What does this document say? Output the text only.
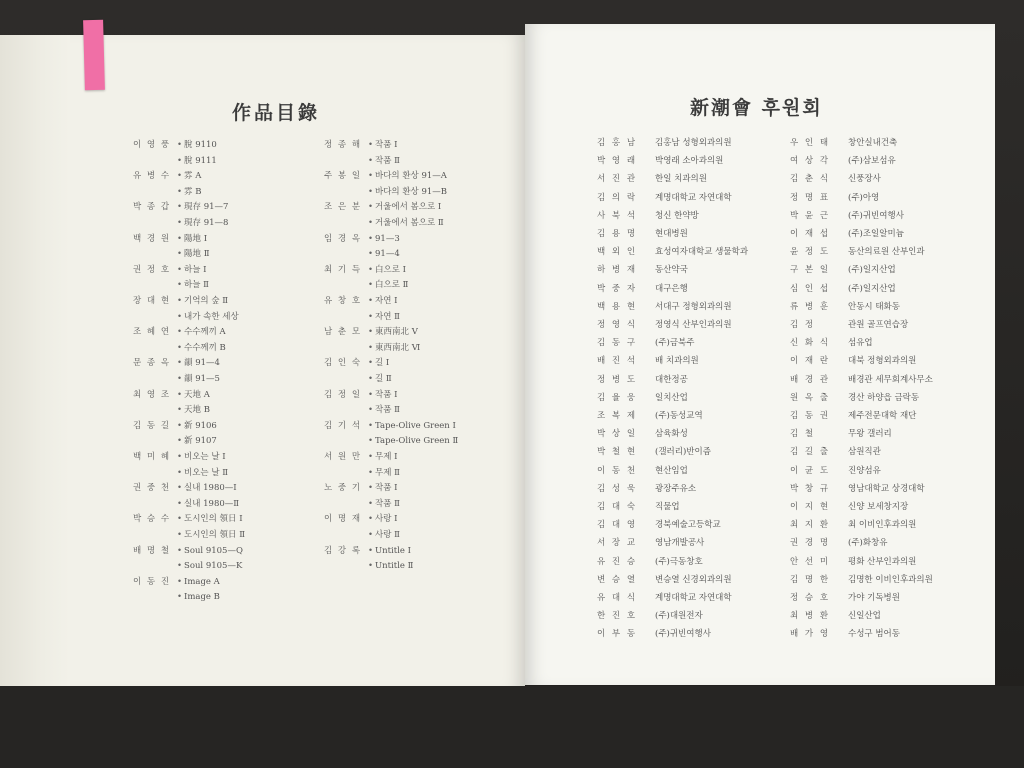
作品目錄	新潮會 후원회
이 영 풍 • 脫 9110
• 脫 9111
유 병 수 • 雰 A
• 雰 B
박 종 갑 • 現存 91—7
• 現存 91—8
백 경 원 • 陽地 Ⅰ
• 陽地 Ⅱ
권 정 호 • 하늘 Ⅰ
• 하늘 Ⅱ
장 대 현 • 기억의 숲 Ⅱ
• 내가 속한 세상
조 혜 연 • 수수께끼 A
• 수수께끼 B
문 종 옥 • 韻 91—4
• 韻 91—5
최 영 조 • 天地 A
• 天地 B
김 동 길 • 新 9106
• 新 9107
백 미 혜 • 비오는 날 Ⅰ
• 비오는 날 Ⅱ
권 중 천 • 실내 1980—Ⅰ
• 실내 1980—Ⅱ
박 승 수 • 도시인의 領日 Ⅰ
• 도시인의 領日 Ⅱ
배 명 철 • Soul 9105—Q
• Soul 9105—K
이 동 진 • Image A
• Image B
정 종 해 • 작품 Ⅰ
• 작품 Ⅱ
주 봉 일 • 바다의 환상 91—A
• 바다의 환상 91—B
조 은 분 • 거울에서 봄으로 Ⅰ
• 거울에서 봄으로 Ⅱ
임 경 옥 • 91—3
• 91—4
최 기 득 • 白으로 Ⅰ
• 白으로 Ⅱ
유 창 호 • 자연 Ⅰ
• 자연 Ⅱ
남 춘 모 • 東西南北 Ⅴ
• 東西南北 Ⅵ
김 인 숙 • 길 Ⅰ
• 길 Ⅱ
김 정 일 • 작품 Ⅰ
• 작품 Ⅱ
김 기 석 • Tape-Olive Green Ⅰ
• Tape-Olive Green Ⅱ
서 원 만 • 무제 Ⅰ
• 무제 Ⅱ
노 중 기 • 작품 Ⅰ
• 작품 Ⅱ
이 명 재 • 사랑 Ⅰ
• 사랑 Ⅱ
김 강 록 • Untitle Ⅰ
• Untitle Ⅱ
김 홍 남 김홍남 성형외과의원
박 영 래 박영래 소아과의원
서 진 관 한일 치과의원
김 의 락 계명대학교 자연대학
사 북 석 청신 한약방
김 용 명 현대병원
백 외 인 효성여자대학교 생물학과
하 병 재 동산약국
박 중 자 대구은행
백 용 현 서대구 정형외과의원
정 영 식 정영식 산부인과의원
김 동 구 (주)금북주
배 진 석 배 치과의원
정 병 도 대한정공
김 율 웅 일치산업
조 복 제 (주)동성교역
박 상 일 삼육화성
박 철 현 (갤러리)반이즘
이 동 천 현산임업
김 성 욱 광장주유소
김 대 숙 직물업
김 대 영 경북예술고등학교
서 장 교 영남개발공사
유 진 승 (주)극동창호
변 승 열 변승열 신경외과의원
유 대 식 계명대학교 자연대학
한 진 호 (주)대원전자
이 부 동 (주)귀빈여행사
우 인 태 창안실내건축
여 상 각 (주)삼보섬유
김 춘 식 신풍장사
정 명 표 (주)아영
박 윤 근 (주)귀빈여행사
이 재 섭 (주)조일알미늄
윤 정 도 동산의료원 산부인과
구 본 일 (주)일지산업
심 인 섭 (주)일지산업
류 병 훈 안동시 태화동
김 정	관원 골프연습장
신 화 식 섬유업
이 재 란 대북 정형외과의원
배 경 관 배경관 세무회계사무소
원 옥 출 경산 하양읍 금락동
김 동 권 제주전문대학 재단
김 철	무왕 갤러리
김 길 출 삼원직관
이 균 도 진양섬유
박 창 규 영남대학교 상경대학
이 지 현 신양 보세창지장
최 지 환 최 이비인후과의원
권 경 명 (주)화창유
안 선 미 평화 산부인과의원
김 명 한 김명한 이비인후과의원
정 승 호 가야 기독병원
최 병 환 신일산업
배 가 영 수성구 범어동
